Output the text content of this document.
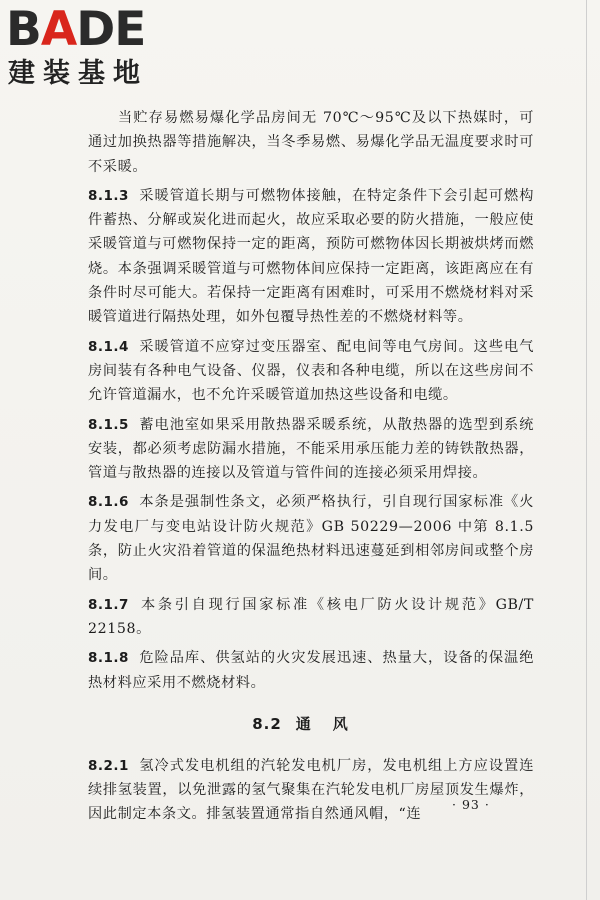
BADE
建装基地

当贮存易燃易爆化学品房间无 70℃～95℃及以下热媒时，可通过加换热器等措施解决，当冬季易燃、易爆化学品无温度要求时可不采暖。

8.1.3 采暖管道长期与可燃物体接触，在特定条件下会引起可燃构件蓄热、分解或炭化进而起火，故应采取必要的防火措施，一般应使采暖管道与可燃物保持一定的距离，预防可燃物体因长期被烘烤而燃烧。本条强调采暖管道与可燃物体间应保持一定距离，该距离应在有条件时尽可能大。若保持一定距离有困难时，可采用不燃烧材料对采暖管道进行隔热处理，如外包覆导热性差的不燃烧材料等。

8.1.4 采暖管道不应穿过变压器室、配电间等电气房间。这些电气房间装有各种电气设备、仪器，仪表和各种电缆，所以在这些房间不允许管道漏水，也不允许采暖管道加热这些设备和电缆。

8.1.5 蓄电池室如果采用散热器采暖系统，从散热器的选型到系统安装，都必须考虑防漏水措施，不能采用承压能力差的铸铁散热器，管道与散热器的连接以及管道与管件间的连接必须采用焊接。

8.1.6 本条是强制性条文，必须严格执行，引自现行国家标准《火力发电厂与变电站设计防火规范》GB 50229—2006 中第 8.1.5 条，防止火灾沿着管道的保温绝热材料迅速蔓延到相邻房间或整个房间。

8.1.7 本条引自现行国家标准《核电厂防火设计规范》GB/T 22158。

8.1.8 危险品库、供氢站的火灾发展迅速、热量大，设备的保温绝热材料应采用不燃烧材料。

8.2 通风

8.2.1 氢冷式发电机组的汽轮发电机厂房，发电机组上方应设置连续排氢装置，以免泄露的氢气聚集在汽轮发电机厂房屋顶发生爆炸，因此制定本条文。排氢装置通常指自然通风帽，“连

· 93 ·
